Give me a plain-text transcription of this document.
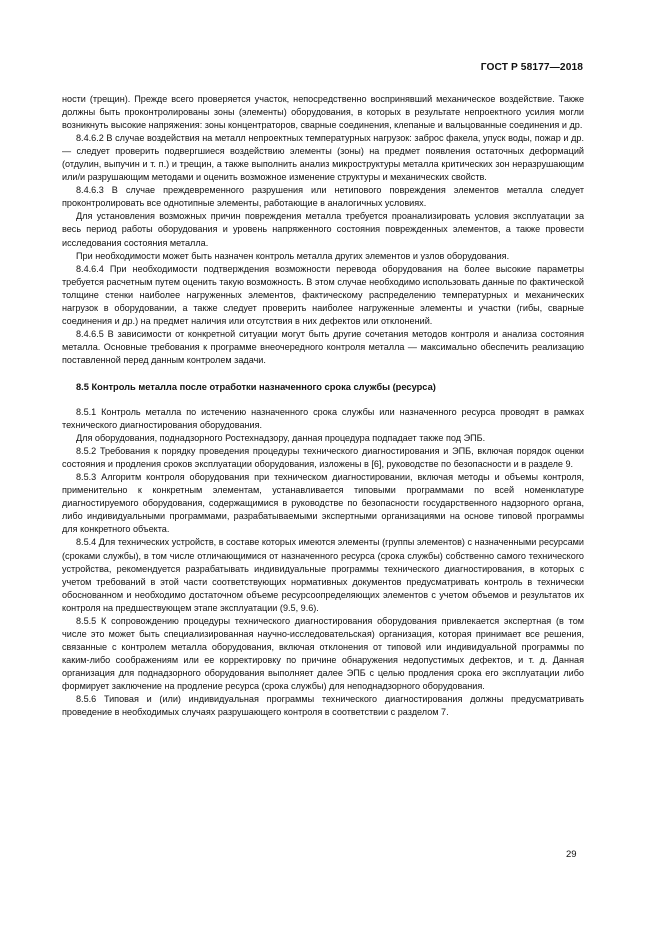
ГОСТ Р 58177—2018

ности (трещин). Прежде всего проверяется участок, непосредственно воспринявший механическое воздействие. Также должны быть проконтролированы зоны (элементы) оборудования, в которых в результате непроектного усилия могли возникнуть высокие напряжения: зоны концентраторов, сварные соединения, клепаные и вальцованные соединения и др.

8.4.6.2 В случае воздействия на металл непроектных температурных нагрузок: заброс факела, упуск воды, пожар и др. — следует проверить подвергшиеся воздействию элементы (зоны) на предмет появления остаточных деформаций (отдулин, выпучин и т. п.) и трещин, а также выполнить анализ микроструктуры металла критических зон неразрушающим или/и разрушающим методами и оценить возможное изменение структуры и механических свойств.

8.4.6.3 В случае преждевременного разрушения или нетипового повреждения элементов металла следует проконтролировать все однотипные элементы, работающие в аналогичных условиях.

Для установления возможных причин повреждения металла требуется проанализировать условия эксплуатации за весь период работы оборудования и уровень напряженного состояния поврежденных элементов, а также провести исследования состояния металла.

При необходимости может быть назначен контроль металла других элементов и узлов оборудования.

8.4.6.4 При необходимости подтверждения возможности перевода оборудования на более высокие параметры требуется расчетным путем оценить такую возможность. В этом случае необходимо использовать данные по фактической толщине стенки наиболее нагруженных элементов, фактическому распределению температурных и механических нагрузок в оборудовании, а также следует проверить наиболее нагруженные элементы и участки (гибы, сварные соединения и др.) на предмет наличия или отсутствия в них дефектов или отклонений.

8.4.6.5 В зависимости от конкретной ситуации могут быть другие сочетания методов контроля и анализа состояния металла. Основные требования к программе внеочередного контроля металла — максимально обеспечить реализацию поставленной перед данным контролем задачи.

8.5 Контроль металла после отработки назначенного срока службы (ресурса)

8.5.1 Контроль металла по истечению назначенного срока службы или назначенного ресурса проводят в рамках технического диагностирования оборудования.

Для оборудования, поднадзорного Ростехнадзору, данная процедура подпадает также под ЭПБ.

8.5.2 Требования к порядку проведения процедуры технического диагностирования и ЭПБ, включая порядок оценки состояния и продления сроков эксплуатации оборудования, изложены в [6], руководстве по безопасности и в разделе 9.

8.5.3 Алгоритм контроля оборудования при техническом диагностировании, включая методы и объемы контроля, применительно к конкретным элементам, устанавливается типовыми программами по всей номенклатуре диагностируемого оборудования, содержащимися в руководстве по безопасности государственного надзорного органа, либо индивидуальными программами, разрабатываемыми экспертными организациями на основе типовой программы для конкретного объекта.

8.5.4 Для технических устройств, в составе которых имеются элементы (группы элементов) с назначенными ресурсами (сроками службы), в том числе отличающимися от назначенного ресурса (срока службы) собственно самого технического устройства, рекомендуется разрабатывать индивидуальные программы технического диагностирования, в которых с учетом требований в этой части соответствующих нормативных документов предусматривать контроль в технически обоснованном и необходимо достаточном объеме ресурсоопределяющих элементов с учетом объемов и результатов их контроля на предшествующем этапе эксплуатации (9.5, 9.6).

8.5.5 К сопровождению процедуры технического диагностирования оборудования привлекается экспертная (в том числе это может быть специализированная научно-исследовательская) организация, которая принимает все решения, связанные с контролем металла оборудования, включая отклонения от типовой или индивидуальной программы по каким-либо соображениям или ее корректировку по причине обнаружения недопустимых дефектов, и т. д. Данная организация для поднадзорного оборудования выполняет далее ЭПБ с целью продления срока его эксплуатации либо формирует заключение на продление ресурса (срока службы) для неподнадзорного оборудования.

8.5.6 Типовая и (или) индивидуальная программы технического диагностирования должны предусматривать проведение в необходимых случаях разрушающего контроля в соответствии с разделом 7.

29
